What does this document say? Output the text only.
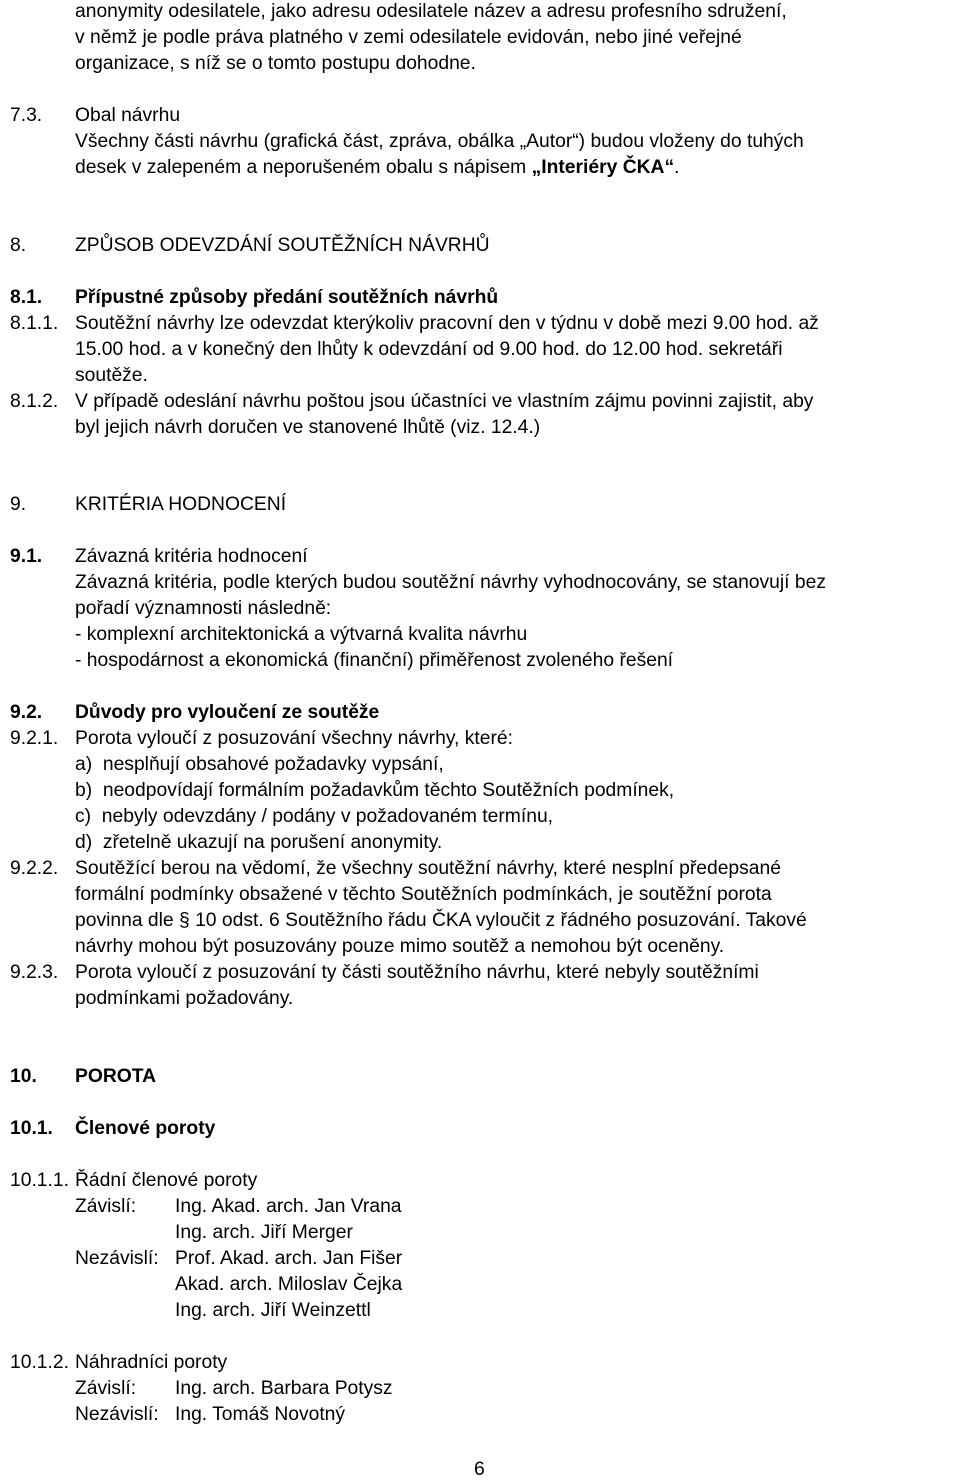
anonymity odesilatele, jako adresu odesilatele název a adresu profesního sdružení,
v němž je podle práva platného v zemi odesilatele evidován, nebo jiné veřejné
organizace, s níž se o tomto postupu dohodne.
7.3. Obal návrhu
Všechny části návrhu (grafická část, zpráva, obálka „Autor“) budou vloženy do tuhých
desek v zalepeném a neporušeném obalu s nápisem „Interiéry ČKA“.
8.	ZPŮSOB ODEVZDÁNÍ SOUTĚŽNÍCH NÁVRHŮ
8.1. Přípustné způsoby předání soutěžních návrhů
8.1.1. Soutěžní návrhy lze odevzdat kterýkoliv pracovní den v týdnu v době mezi 9.00 hod. až
15.00 hod. a v konečný den lhůty k odevzdání od 9.00 hod. do 12.00 hod. sekretáři
soutěže.
8.1.2. V případě odeslání návrhu poštou jsou účastníci ve vlastním zájmu povinni zajistit, aby
byl jejich návrh doručen ve stanovené lhůtě (viz. 12.4.)
9.	KRITÉRIA HODNOCENÍ
9.1. Závazná kritéria hodnocení
Závazná kritéria, podle kterých budou soutěžní návrhy vyhodnocovány, se stanovují bez
pořadí významnosti následně:
- komplexní architektonická a výtvarná kvalita návrhu
- hospodárnost a ekonomická (finanční) přiměřenost zvoleného řešení
9.2. Důvody pro vyloučení ze soutěže
9.2.1. Porota vyloučí z posuzování všechny návrhy, které:
a)  nesplňují obsahové požadavky vypsání,
b)  neodpovídají formálním požadavkům těchto Soutěžních podmínek,
c)  nebyly odevzdány / podány v požadovaném termínu,
d)  zřetelně ukazují na porušení anonymity.
9.2.2. Soutěžící berou na vědomí, že všechny soutěžní návrhy, které nesplní předepsané
formální podmínky obsažené v těchto Soutěžních podmínkách, je soutěžní porota
povinna dle § 10 odst. 6 Soutěžního řádu ČKA vyloučit z řádného posuzování. Takové
návrhy mohou být posuzovány pouze mimo soutěž a nemohou být oceněny.
9.2.3. Porota vyloučí z posuzování ty části soutěžního návrhu, které nebyly soutěžními
podmínkami požadovány.
10. POROTA
10.1. Členové poroty
10.1.1. Řádní členové poroty
Závislí: Ing. Akad. arch. Jan Vrana
Ing. arch. Jiří Merger
Nezávislí: Prof. Akad. arch. Jan Fišer
Akad. arch. Miloslav Čejka
Ing. arch. Jiří Weinzettl
10.1.2. Náhradníci poroty
Závislí: Ing. arch. Barbara Potysz
Nezávislí: Ing. Tomáš Novotný
6
